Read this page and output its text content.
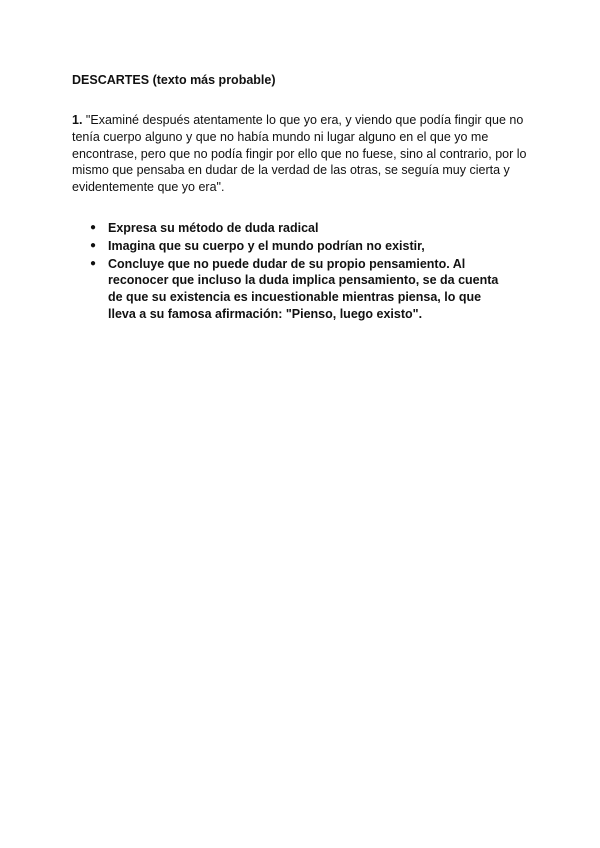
DESCARTES (texto más probable)

1. "Examiné después atentamente lo que yo era, y viendo que podía fingir que no tenía cuerpo alguno y que no había mundo ni lugar alguno en el que yo me encontrase, pero que no podía fingir por ello que no fuese, sino al contrario, por lo mismo que pensaba en dudar de la verdad de las otras, se seguía muy cierta y evidentemente que yo era".

● Expresa su método de duda radical
● Imagina que su cuerpo y el mundo podrían no existir,
● Concluye que no puede dudar de su propio pensamiento. Al reconocer que incluso la duda implica pensamiento, se da cuenta de que su existencia es incuestionable mientras piensa, lo que lleva a su famosa afirmación: "Pienso, luego existo".
